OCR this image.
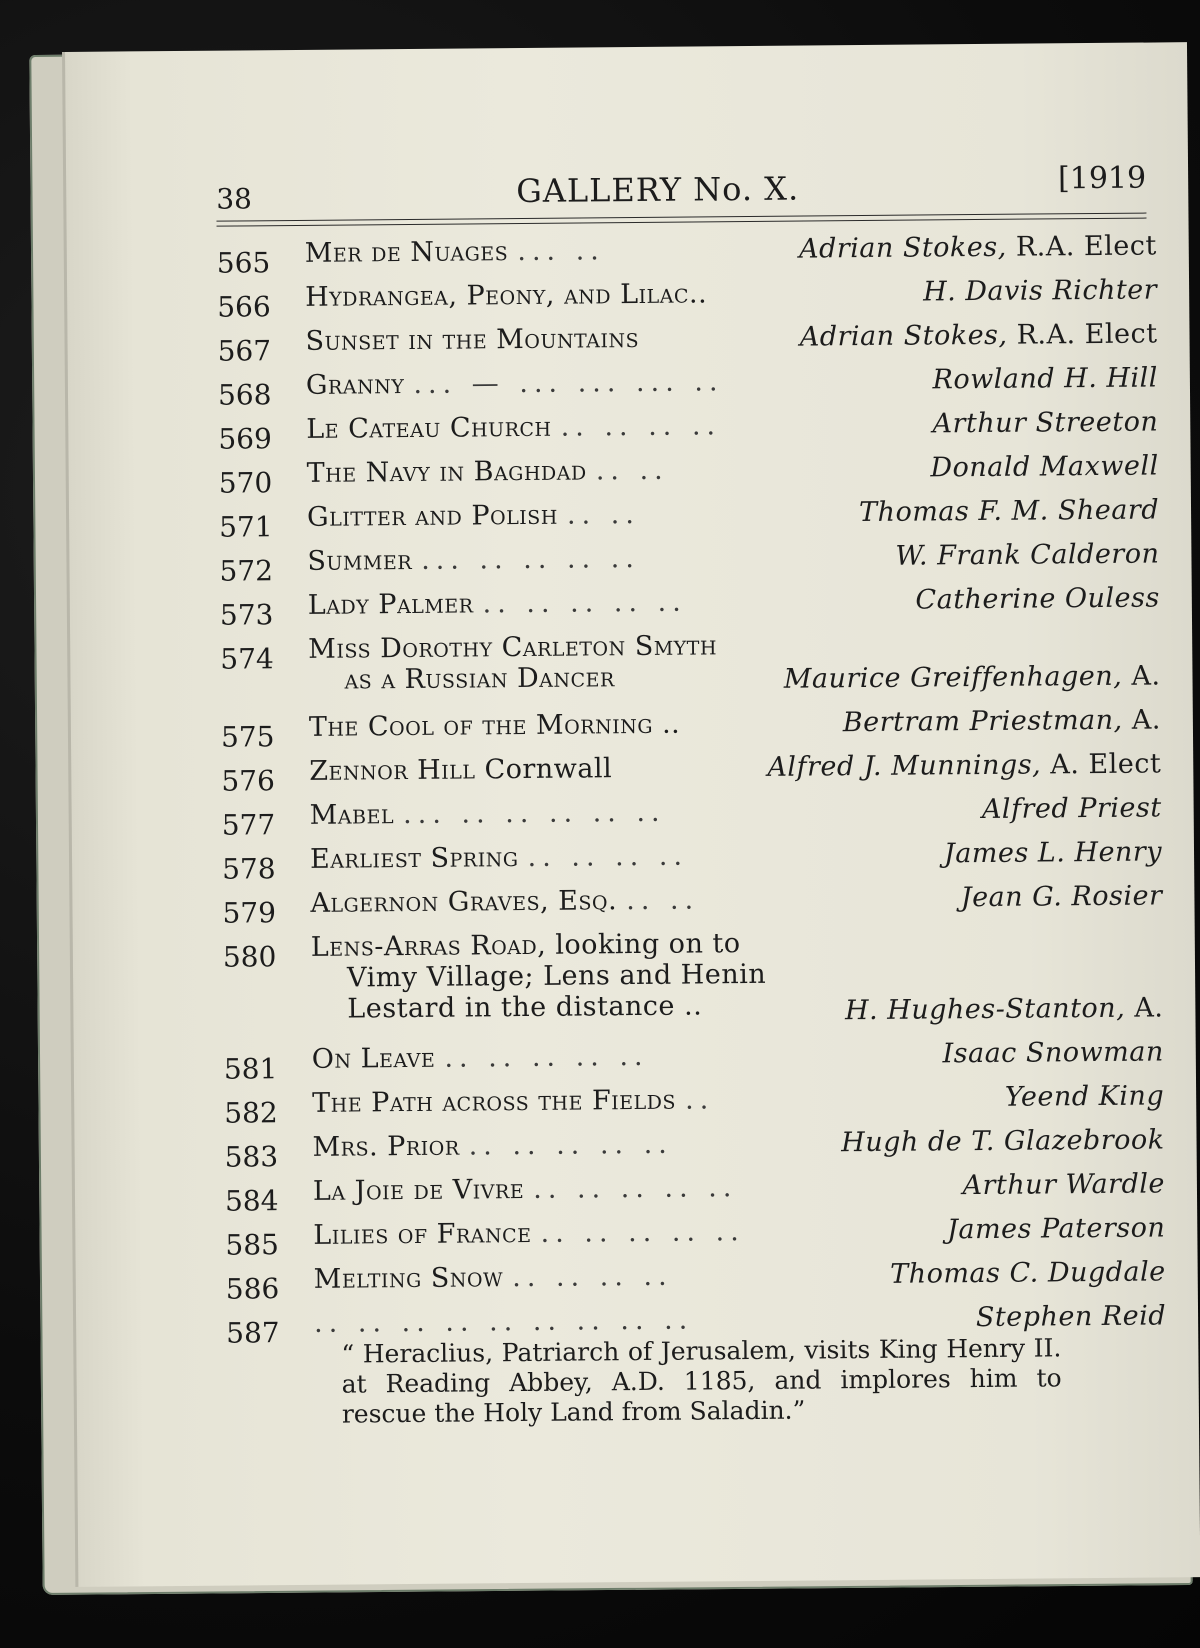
38	GALLERY No. X.	[1919
565 Mer de Nuages ... ..	Adrian Stokes, R.A. Elect
566 Hydrangea, Peony, and Lilac..	H. Davis Richter
567 Sunset in the Mountains	Adrian Stokes, R.A. Elect
568 Granny ... — ... ... ... ..	Rowland H. Hill
569 Le Cateau Church .. .. .. ..	Arthur Streeton
570 The Navy in Baghdad .. ..	Donald Maxwell
571 Glitter and Polish .. ..	Thomas F. M. Sheard
572 Summer ... .. .. .. ..	W. Frank Calderon
573 Lady Palmer .. .. .. .. ..	Catherine Ouless
574 Miss Dorothy Carleton Smyth
as a Russian Dancer	Maurice Greiffenhagen, A.
575 The Cool of the Morning ..	Bertram Priestman, A.
576 Zennor Hill Cornwall	Alfred J. Munnings, A. Elect
577 Mabel ... .. .. .. .. ..	Alfred Priest
578 Earliest Spring .. .. .. ..	James L. Henry
579 Algernon Graves, Esq. .. ..	Jean G. Rosier
580 Lens-Arras Road, looking on to
Vimy Village; Lens and Henin
Lestard in the distance ..	H. Hughes-Stanton, A.
581 On Leave .. .. .. .. ..	Isaac Snowman
582 The Path across the Fields ..	Yeend King
583 Mrs. Prior .. .. .. .. ..	Hugh de T. Glazebrook
584 La Joie de Vivre .. .. .. .. ..	Arthur Wardle
585 Lilies of France .. .. .. .. ..	James Paterson
586 Melting Snow .. .. .. ..	Thomas C. Dugdale
587 .. .. .. .. .. .. .. .. ..	Stephen Reid
“ Heraclius, Patriarch of Jerusalem, visits King Henry II. at Reading Abbey, A.D. 1185, and implores him to rescue the Holy Land from Saladin.”
